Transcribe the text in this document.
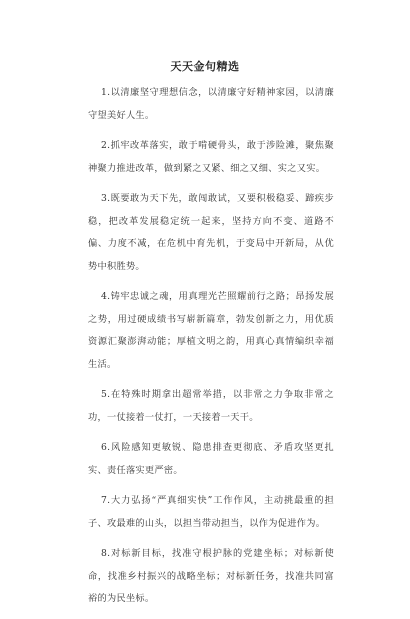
天天金句精选

1.以清廉坚守理想信念，以清廉守好精神家园，以清廉守望美好人生。

2.抓牢改革落实，敢于啃硬骨头，敢于涉险滩，聚焦聚神聚力推进改革，做到紧之又紧、细之又细、实之又实。

3.既要敢为天下先，敢闯敢试，又要积极稳妥、蹄疾步稳，把改革发展稳定统一起来，坚持方向不变、道路不偏、力度不减，在危机中育先机，于变局中开新局，从优势中积胜势。

4.铸牢忠诚之魂，用真理光芒照耀前行之路；昂扬发展之势，用过硬成绩书写崭新篇章，勃发创新之力，用优质资源汇聚澎湃动能；厚植文明之韵，用真心真情编织幸福生活。

5.在特殊时期拿出超常举措，以非常之力争取非常之功，一仗接着一仗打，一天接着一天干。

6.风险感知更敏锐、隐患排查更彻底、矛盾攻坚更扎实、责任落实更严密。

7.大力弘扬“严真细实快”工作作风，主动挑最重的担子、攻最难的山头，以担当带动担当，以作为促进作为。

8.对标新目标，找准守根护脉的党建坐标；对标新使命，找准乡村振兴的战略坐标；对标新任务，找准共同富裕的为民坐标。
